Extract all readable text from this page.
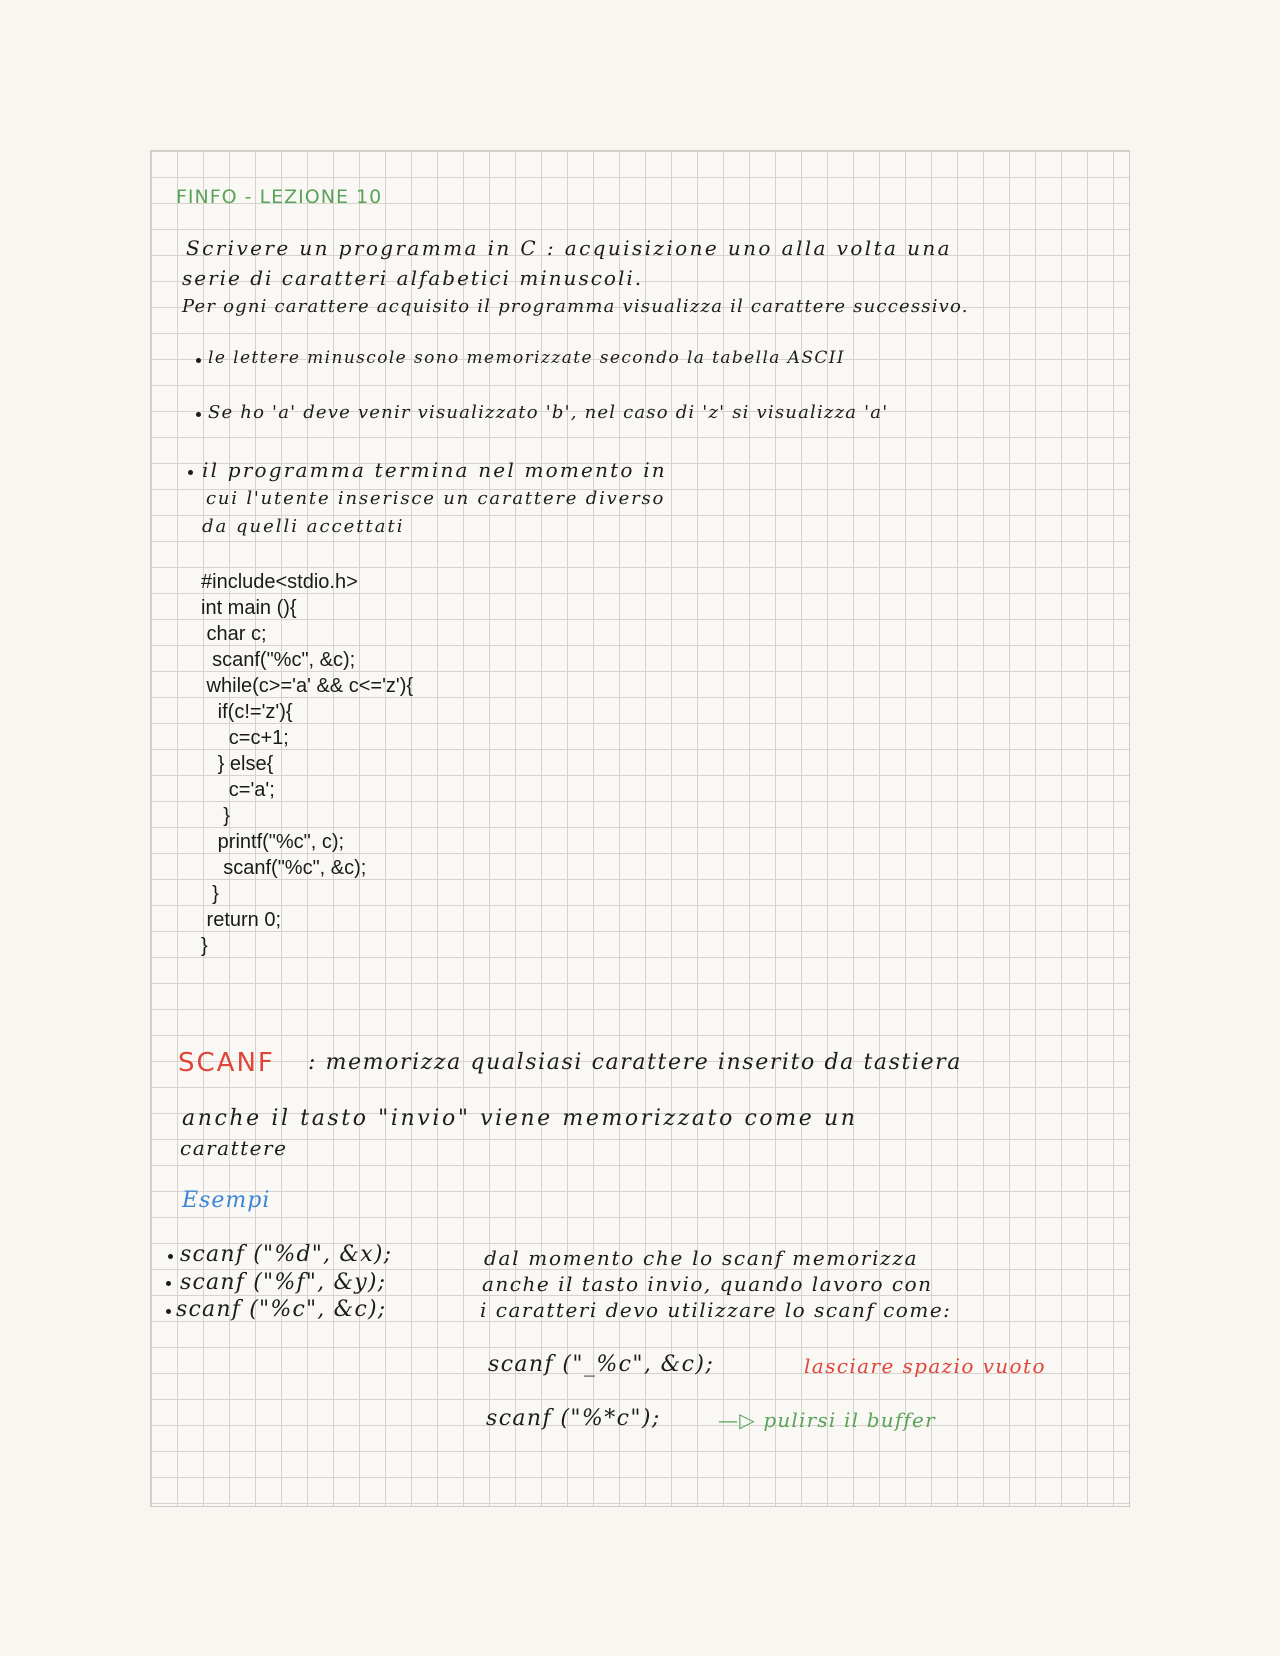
FINFO - LEZIONE 10
Scrivere un programma in C : acquisizione uno alla volta una
serie di caratteri alfabetici minuscoli.
Per ogni carattere acquisito il programma visualizza il carattere successivo.
le lettere minuscole sono memorizzate secondo la tabella ASCII
Se ho 'a' deve venir visualizzato 'b', nel caso di 'z' si visualizza 'a'
il programma termina nel momento in
cui l'utente inserisce un carattere diverso
da quelli accettati
#include<stdio.h>
int main (){
char c;
scanf("%c", &c);
while(c>='a' && c<='z'){
if(c!='z'){
c=c+1;
} else{
c='a';
}
printf("%c", c);
scanf("%c", &c);
}
return 0;
}
SCANF : memorizza qualsiasi carattere inserito da tastiera
anche il tasto "invio" viene memorizzato come un
carattere
Esempi
scanf ("%d", &x);
scanf ("%f", &y);
scanf ("%c", &c);
dal momento che lo scanf memorizza
anche il tasto invio, quando lavoro con
i caratteri devo utilizzare lo scanf come:
scanf ("_%c", &c);	lasciare spazio vuoto
scanf ("%*c");	—▷ pulirsi il buffer
